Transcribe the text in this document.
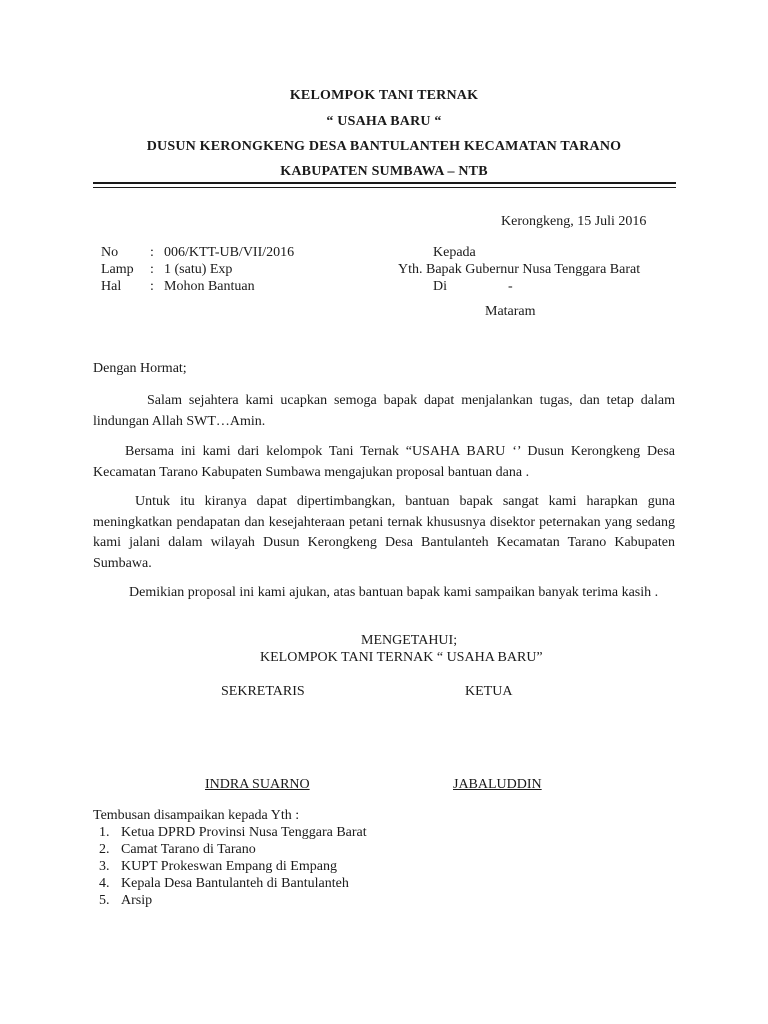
KELOMPOK TANI TERNAK
“ USAHA BARU “
DUSUN KERONGKENG DESA BANTULANTEH KECAMATAN TARANO
KABUPATEN SUMBAWA – NTB
Kerongkeng, 15 Juli 2016
No : 006/KTT-UB/VII/2016
Lamp : 1 (satu) Exp
Hal : Mohon Bantuan
Kepada
Yth. Bapak Gubernur Nusa Tenggara Barat
Di	-
Mataram
Dengan Hormat;
Salam sejahtera kami ucapkan semoga bapak dapat menjalankan tugas, dan tetap dalam lindungan Allah SWT…Amin.
Bersama ini kami dari kelompok Tani Ternak “USAHA BARU ‘’ Dusun Kerongkeng Desa Kecamatan Tarano Kabupaten Sumbawa mengajukan proposal bantuan dana .
Untuk itu kiranya dapat dipertimbangkan, bantuan bapak sangat kami harapkan guna meningkatkan pendapatan dan kesejahteraan petani ternak khususnya disektor peternakan yang sedang kami jalani dalam wilayah Dusun Kerongkeng Desa Bantulanteh Kecamatan Tarano Kabupaten Sumbawa.
Demikian proposal ini kami ajukan, atas bantuan bapak kami sampaikan banyak terima kasih .
MENGETAHUI;
KELOMPOK TANI TERNAK “ USAHA BARU”
SEKRETARIS	KETUA
INDRA SUARNO	JABALUDDIN
Tembusan disampaikan kepada Yth :
1. Ketua DPRD Provinsi Nusa Tenggara Barat
2. Camat Tarano di Tarano
3. KUPT Prokeswan Empang di Empang
4. Kepala Desa Bantulanteh di Bantulanteh
5. Arsip
